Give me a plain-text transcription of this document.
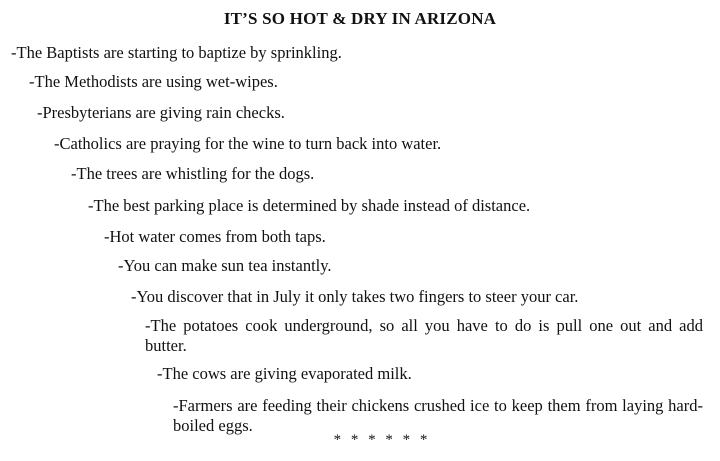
IT’S SO HOT & DRY IN ARIZONA
-The Baptists are starting to baptize by sprinkling.
-The Methodists are using wet-wipes.
-Presbyterians are giving rain checks.
-Catholics are praying for the wine to turn back into water.
-The trees are whistling for the dogs.
-The best parking place is determined by shade instead of distance.
-Hot water comes from both taps.
-You can make sun tea instantly.
-You discover that in July it only takes two fingers to steer your car.
-The potatoes cook underground, so all you have to do is pull one out and add butter.
-The cows are giving evaporated milk.
-Farmers are feeding their chickens crushed ice to keep them from laying hard-boiled eggs.
* * * * * *
